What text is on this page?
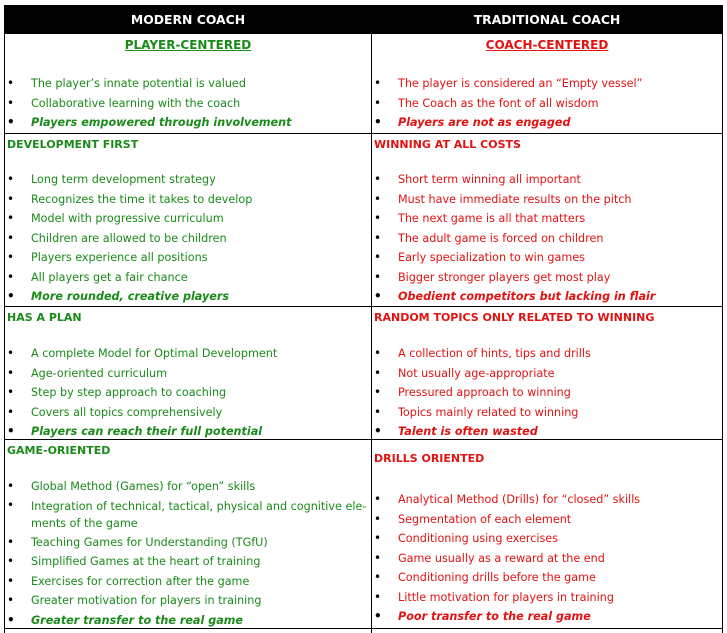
MODERN COACH
PLAYER-CENTERED
• The player’s innate potential is valued
• Collaborative learning with the coach
• Players empowered through involvement
DEVELOPMENT FIRST
• Long term development strategy
• Recognizes the time it takes to develop
• Model with progressive curriculum
• Children are allowed to be children
• Players experience all positions
• All players get a fair chance
• More rounded, creative players
HAS A PLAN
• A complete Model for Optimal Development
• Age-oriented curriculum
• Step by step approach to coaching
• Covers all topics comprehensively
• Players can reach their full potential
GAME-ORIENTED
• Global Method (Games) for “open” skills
• Integration of technical, tactical, physical and cognitive ele-ments of the game
• Teaching Games for Understanding (TGfU)
• Simplified Games at the heart of training
• Exercises for correction after the game
• Greater motivation for players in training
• Greater transfer to the real game
TRADITIONAL COACH
COACH-CENTERED
• The player is considered an “Empty vessel”
• The Coach as the font of all wisdom
• Players are not as engaged
WINNING AT ALL COSTS
• Short term winning all important
• Must have immediate results on the pitch
• The next game is all that matters
• The adult game is forced on children
• Early specialization to win games
• Bigger stronger players get most play
• Obedient competitors but lacking in flair
RANDOM TOPICS ONLY RELATED TO WINNING
• A collection of hints, tips and drills
• Not usually age-appropriate
• Pressured approach to winning
• Topics mainly related to winning
• Talent is often wasted
DRILLS ORIENTED
• Analytical Method (Drills) for “closed” skills
• Segmentation of each element
• Conditioning using exercises
• Game usually as a reward at the end
• Conditioning drills before the game
• Little motivation for players in training
• Poor transfer to the real game
